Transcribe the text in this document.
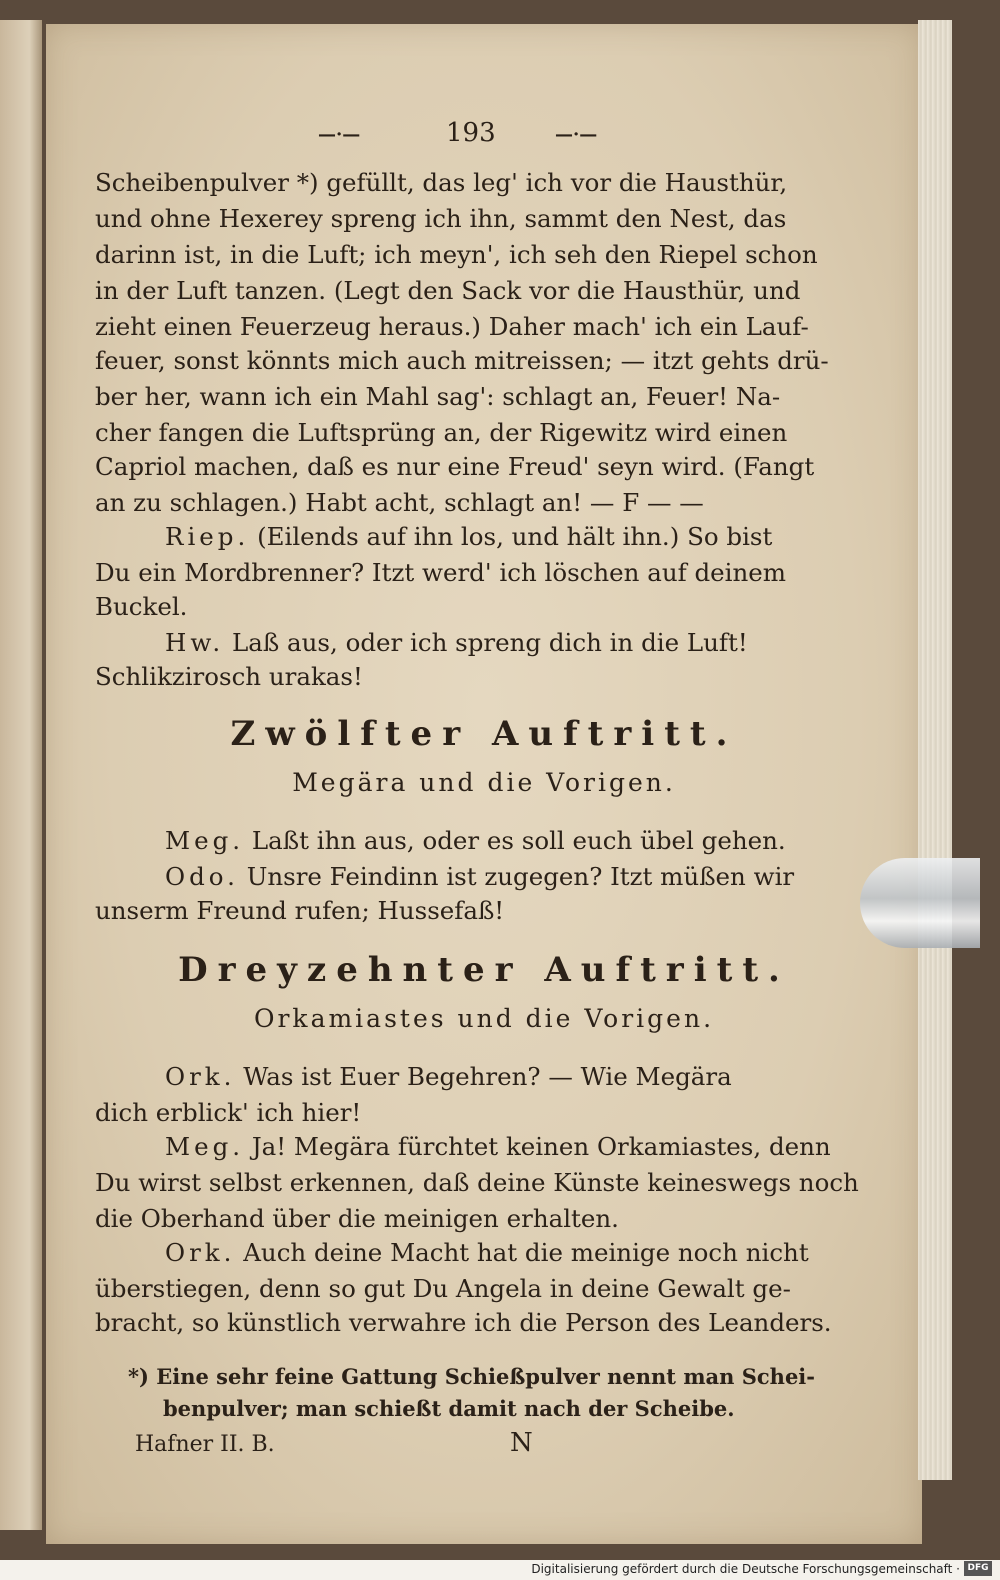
—·—	193	—·—
Scheibenpulver *) gefüllt, das leg' ich vor die Hausthür,
und ohne Hexerey spreng ich ihn, sammt den Nest, das
darinn ist, in die Luft; ich meyn', ich seh den Riepel schon
in der Luft tanzen. (Legt den Sack vor die Hausthür, und
zieht einen Feuerzeug heraus.) Daher mach' ich ein Lauf-
feuer, sonst könnts mich auch mitreissen; — itzt gehts drü-
ber her, wann ich ein Mahl sag': schlagt an, Feuer! Na-
cher fangen die Luftsprüng an, der Rigewitz wird einen
Capriol machen, daß es nur eine Freud' seyn wird. (Fangt
an zu schlagen.) Habt acht, schlagt an! — F — —
Riep. (Eilends auf ihn los, und hält ihn.) So bist
Du ein Mordbrenner? Itzt werd' ich löschen auf deinem
Buckel.
Hw. Laß aus, oder ich spreng dich in die Luft!
Schlikzirosch urakas!
Zwölfter Auftritt.
Megära und die Vorigen.
Meg. Laßt ihn aus, oder es soll euch übel gehen.
Odo. Unsre Feindinn ist zugegen? Itzt müßen wir
unserm Freund rufen; Hussefaß!
Dreyzehnter Auftritt.
Orkamiastes und die Vorigen.
Ork. Was ist Euer Begehren? — Wie Megära
dich erblick' ich hier!
Meg. Ja! Megära fürchtet keinen Orkamiastes, denn
Du wirst selbst erkennen, daß deine Künste keineswegs noch
die Oberhand über die meinigen erhalten.
Ork. Auch deine Macht hat die meinige noch nicht
überstiegen, denn so gut Du Angela in deine Gewalt ge-
bracht, so künstlich verwahre ich die Person des Leanders.
*) Eine sehr feine Gattung Schießpulver nennt man Schei-
benpulver; man schießt damit nach der Scheibe.
Hafner II. B.	N
Digitalisierung gefördert durch die Deutsche Forschungsgemeinschaft · DFG
